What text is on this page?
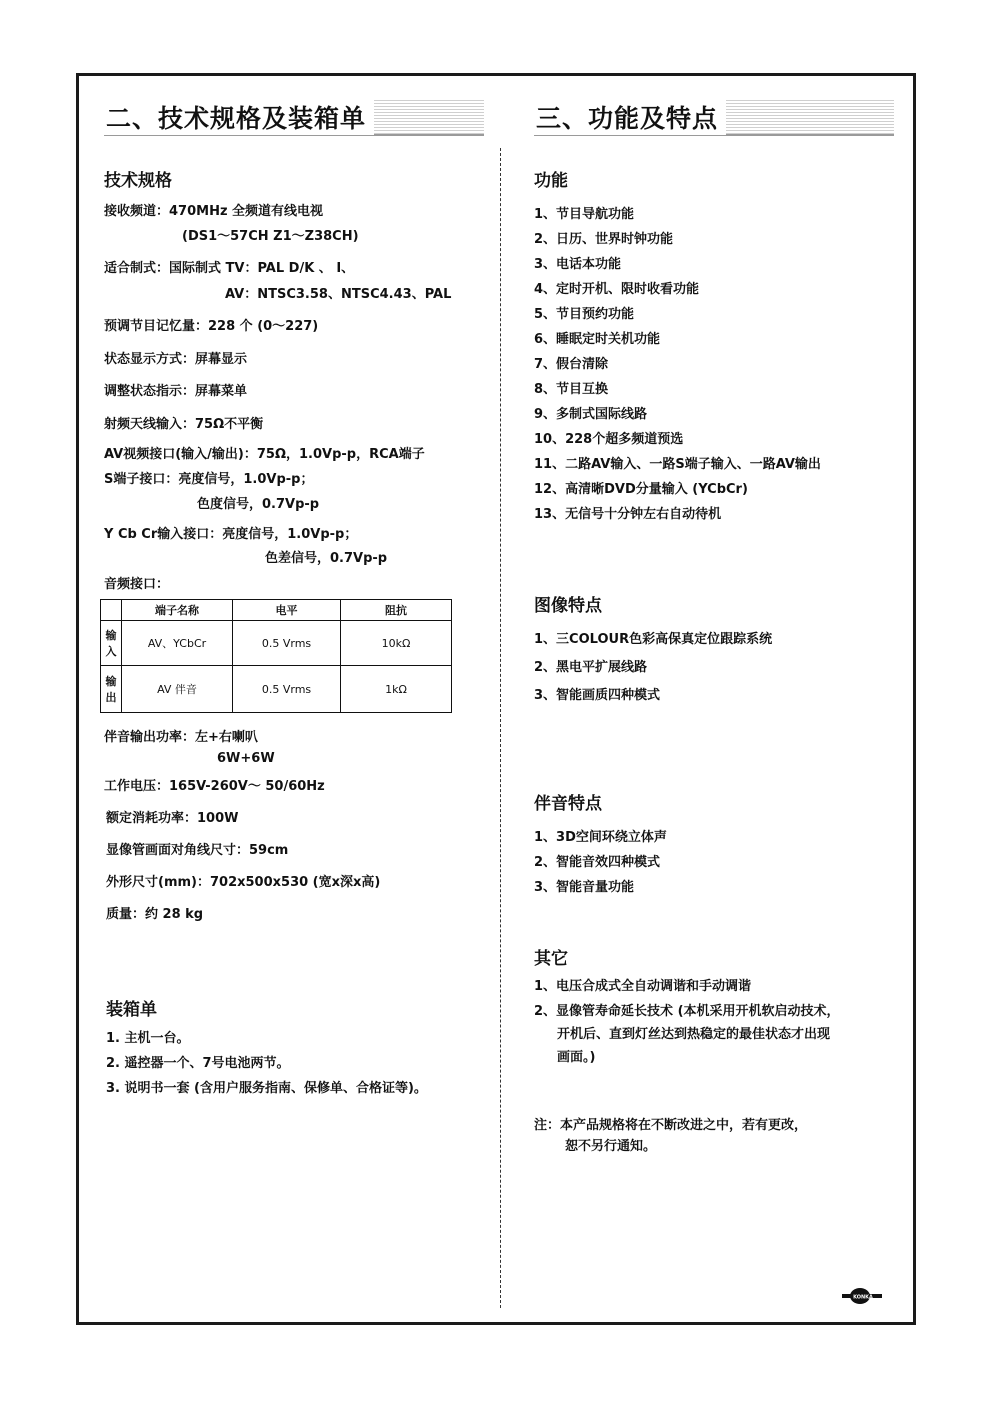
二、技术规格及装箱单
技术规格
接收频道：470MHz 全频道有线电视
(DS1～57CH Z1～Z38CH)
适合制式：国际制式 TV：PAL D/K 、 I、
AV：NTSC3.58、NTSC4.43、PAL
预调节目记忆量：228 个 (0～227)
状态显示方式：屏幕显示
调整状态指示：屏幕菜单
射频天线输入：75Ω不平衡
AV视频接口(输入/输出)：75Ω，1.0Vp-p，RCA端子
S端子接口：亮度信号，1.0Vp-p；
色度信号，0.7Vp-p
Y Cb Cr输入接口：亮度信号，1.0Vp-p；
色差信号，0.7Vp-p
音频接口：
	端子名称	电平	阻抗
输入	AV、YCbCr	0.5 Vrms	10kΩ
输出	AV 伴音	0.5 Vrms	1kΩ
伴音输出功率：左+右喇叭
6W+6W
工作电压：165V-260V～ 50/60Hz
额定消耗功率：100W
显像管画面对角线尺寸：59cm
外形尺寸(mm)：702x500x530 (宽x深x高)
质量：约 28 kg
装箱单
1. 主机一台。
2. 遥控器一个、7号电池两节。
3. 说明书一套 (含用户服务指南、保修单、合格证等)。
三、功能及特点
功能
1、节目导航功能
2、日历、世界时钟功能
3、电话本功能
4、定时开机、限时收看功能
5、节目预约功能
6、睡眠定时关机功能
7、假台清除
8、节目互换
9、多制式国际线路
10、228个超多频道预选
11、二路AV输入、一路S端子输入、一路AV输出
12、高清晰DVD分量输入 (YCbCr)
13、无信号十分钟左右自动待机
图像特点
1、三COLOUR色彩高保真定位跟踪系统
2、黑电平扩展线路
3、智能画质四种模式
伴音特点
1、3D空间环绕立体声
2、智能音效四种模式
3、智能音量功能
其它
1、电压合成式全自动调谐和手动调谐
2、显像管寿命延长技术 (本机采用开机软启动技术，
开机后、直到灯丝达到热稳定的最佳状态才出现
画面。)
注：本产品规格将在不断改进之中，若有更改，
恕不另行通知。
KONKA
